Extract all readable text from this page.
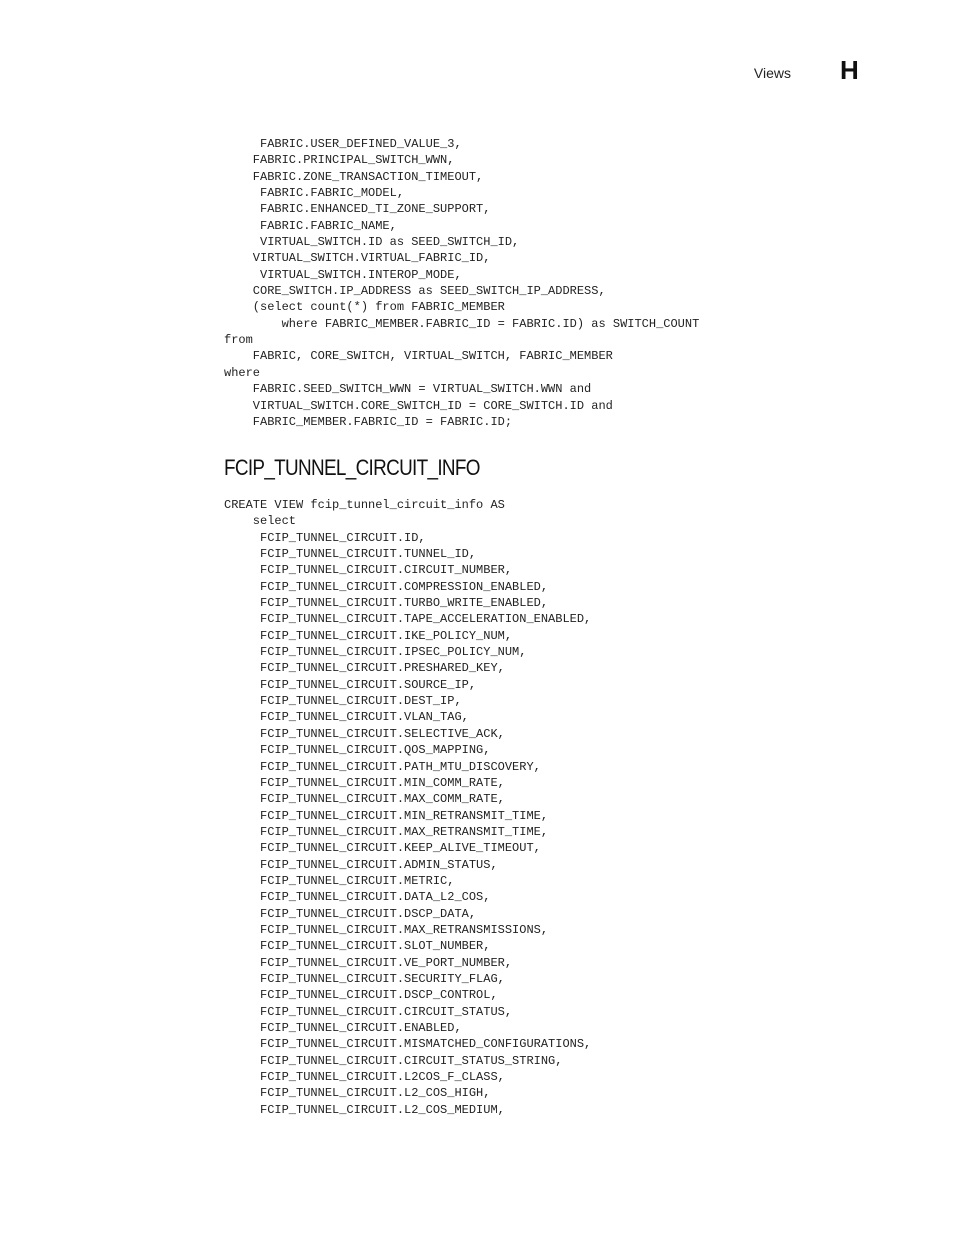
Views H
FABRIC.USER_DEFINED_VALUE_3,
FABRIC.PRINCIPAL_SWITCH_WWN,
FABRIC.ZONE_TRANSACTION_TIMEOUT,
FABRIC.FABRIC_MODEL,
FABRIC.ENHANCED_TI_ZONE_SUPPORT,
FABRIC.FABRIC_NAME,
VIRTUAL_SWITCH.ID as SEED_SWITCH_ID,
VIRTUAL_SWITCH.VIRTUAL_FABRIC_ID,
VIRTUAL_SWITCH.INTEROP_MODE,
CORE_SWITCH.IP_ADDRESS as SEED_SWITCH_IP_ADDRESS,
(select count(*) from FABRIC_MEMBER
where FABRIC_MEMBER.FABRIC_ID = FABRIC.ID) as SWITCH_COUNT
from
FABRIC, CORE_SWITCH, VIRTUAL_SWITCH, FABRIC_MEMBER
where
FABRIC.SEED_SWITCH_WWN = VIRTUAL_SWITCH.WWN and
VIRTUAL_SWITCH.CORE_SWITCH_ID = CORE_SWITCH.ID and
FABRIC_MEMBER.FABRIC_ID = FABRIC.ID;
FCIP_TUNNEL_CIRCUIT_INFO
CREATE VIEW fcip_tunnel_circuit_info AS
select
FCIP_TUNNEL_CIRCUIT.ID,
FCIP_TUNNEL_CIRCUIT.TUNNEL_ID,
FCIP_TUNNEL_CIRCUIT.CIRCUIT_NUMBER,
FCIP_TUNNEL_CIRCUIT.COMPRESSION_ENABLED,
FCIP_TUNNEL_CIRCUIT.TURBO_WRITE_ENABLED,
FCIP_TUNNEL_CIRCUIT.TAPE_ACCELERATION_ENABLED,
FCIP_TUNNEL_CIRCUIT.IKE_POLICY_NUM,
FCIP_TUNNEL_CIRCUIT.IPSEC_POLICY_NUM,
FCIP_TUNNEL_CIRCUIT.PRESHARED_KEY,
FCIP_TUNNEL_CIRCUIT.SOURCE_IP,
FCIP_TUNNEL_CIRCUIT.DEST_IP,
FCIP_TUNNEL_CIRCUIT.VLAN_TAG,
FCIP_TUNNEL_CIRCUIT.SELECTIVE_ACK,
FCIP_TUNNEL_CIRCUIT.QOS_MAPPING,
FCIP_TUNNEL_CIRCUIT.PATH_MTU_DISCOVERY,
FCIP_TUNNEL_CIRCUIT.MIN_COMM_RATE,
FCIP_TUNNEL_CIRCUIT.MAX_COMM_RATE,
FCIP_TUNNEL_CIRCUIT.MIN_RETRANSMIT_TIME,
FCIP_TUNNEL_CIRCUIT.MAX_RETRANSMIT_TIME,
FCIP_TUNNEL_CIRCUIT.KEEP_ALIVE_TIMEOUT,
FCIP_TUNNEL_CIRCUIT.ADMIN_STATUS,
FCIP_TUNNEL_CIRCUIT.METRIC,
FCIP_TUNNEL_CIRCUIT.DATA_L2_COS,
FCIP_TUNNEL_CIRCUIT.DSCP_DATA,
FCIP_TUNNEL_CIRCUIT.MAX_RETRANSMISSIONS,
FCIP_TUNNEL_CIRCUIT.SLOT_NUMBER,
FCIP_TUNNEL_CIRCUIT.VE_PORT_NUMBER,
FCIP_TUNNEL_CIRCUIT.SECURITY_FLAG,
FCIP_TUNNEL_CIRCUIT.DSCP_CONTROL,
FCIP_TUNNEL_CIRCUIT.CIRCUIT_STATUS,
FCIP_TUNNEL_CIRCUIT.ENABLED,
FCIP_TUNNEL_CIRCUIT.MISMATCHED_CONFIGURATIONS,
FCIP_TUNNEL_CIRCUIT.CIRCUIT_STATUS_STRING,
FCIP_TUNNEL_CIRCUIT.L2COS_F_CLASS,
FCIP_TUNNEL_CIRCUIT.L2_COS_HIGH,
FCIP_TUNNEL_CIRCUIT.L2_COS_MEDIUM,
